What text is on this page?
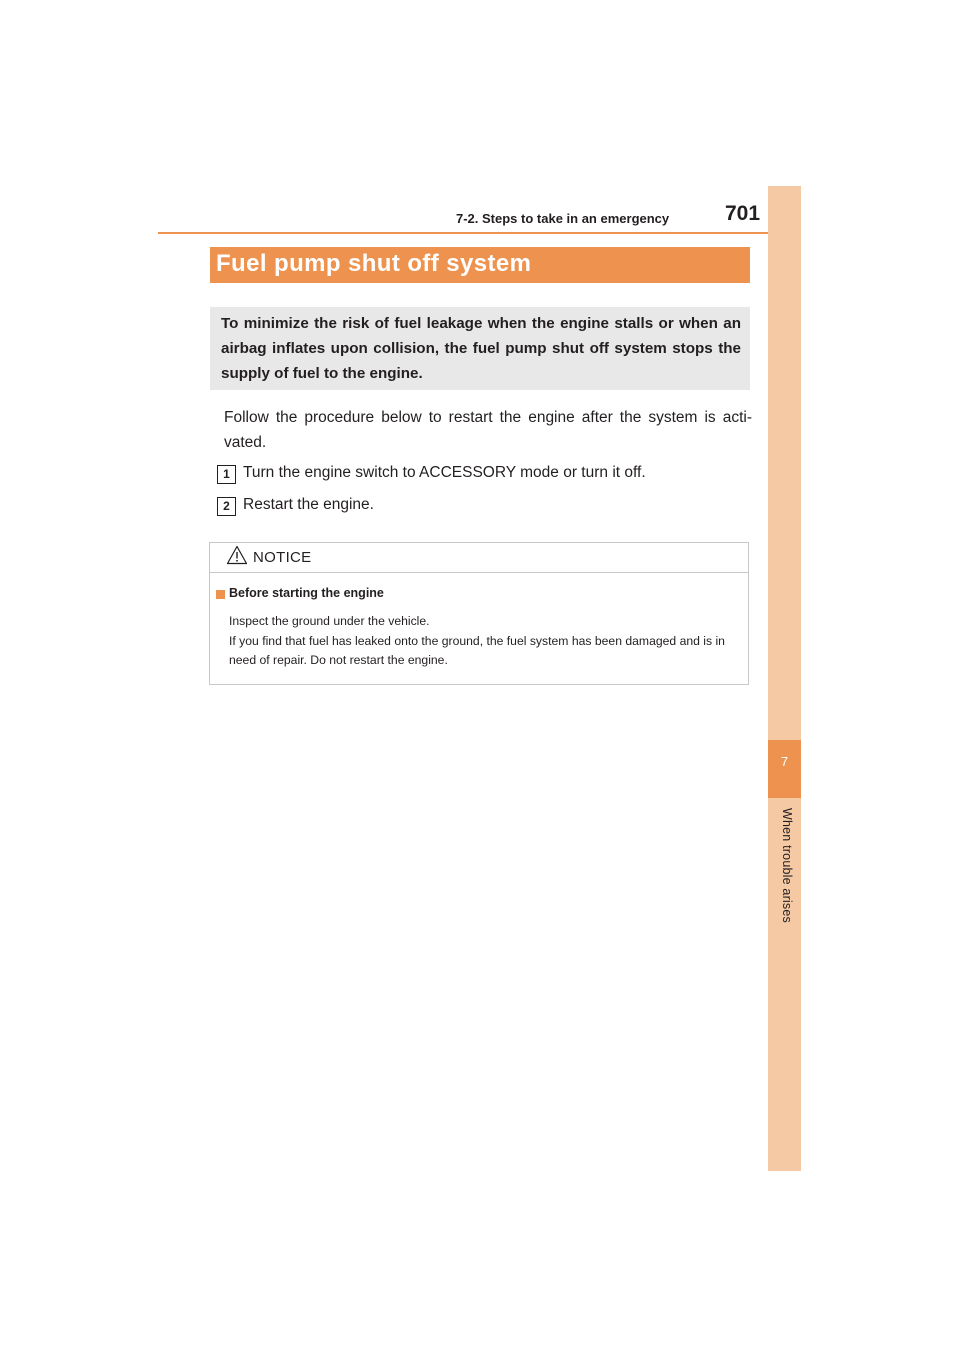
7-2. Steps to take in an emergency	701
7
When trouble arises
Fuel pump shut off system
To minimize the risk of fuel leakage when the engine stalls or when an airbag inflates upon collision, the fuel pump shut off system stops the supply of fuel to the engine.
Follow the procedure below to restart the engine after the system is acti-vated.
1 Turn the engine switch to ACCESSORY mode or turn it off.
2 Restart the engine.
NOTICE
Before starting the engine

Inspect the ground under the vehicle.

If you find that fuel has leaked onto the ground, the fuel system has been damaged and is in need of repair. Do not restart the engine.
